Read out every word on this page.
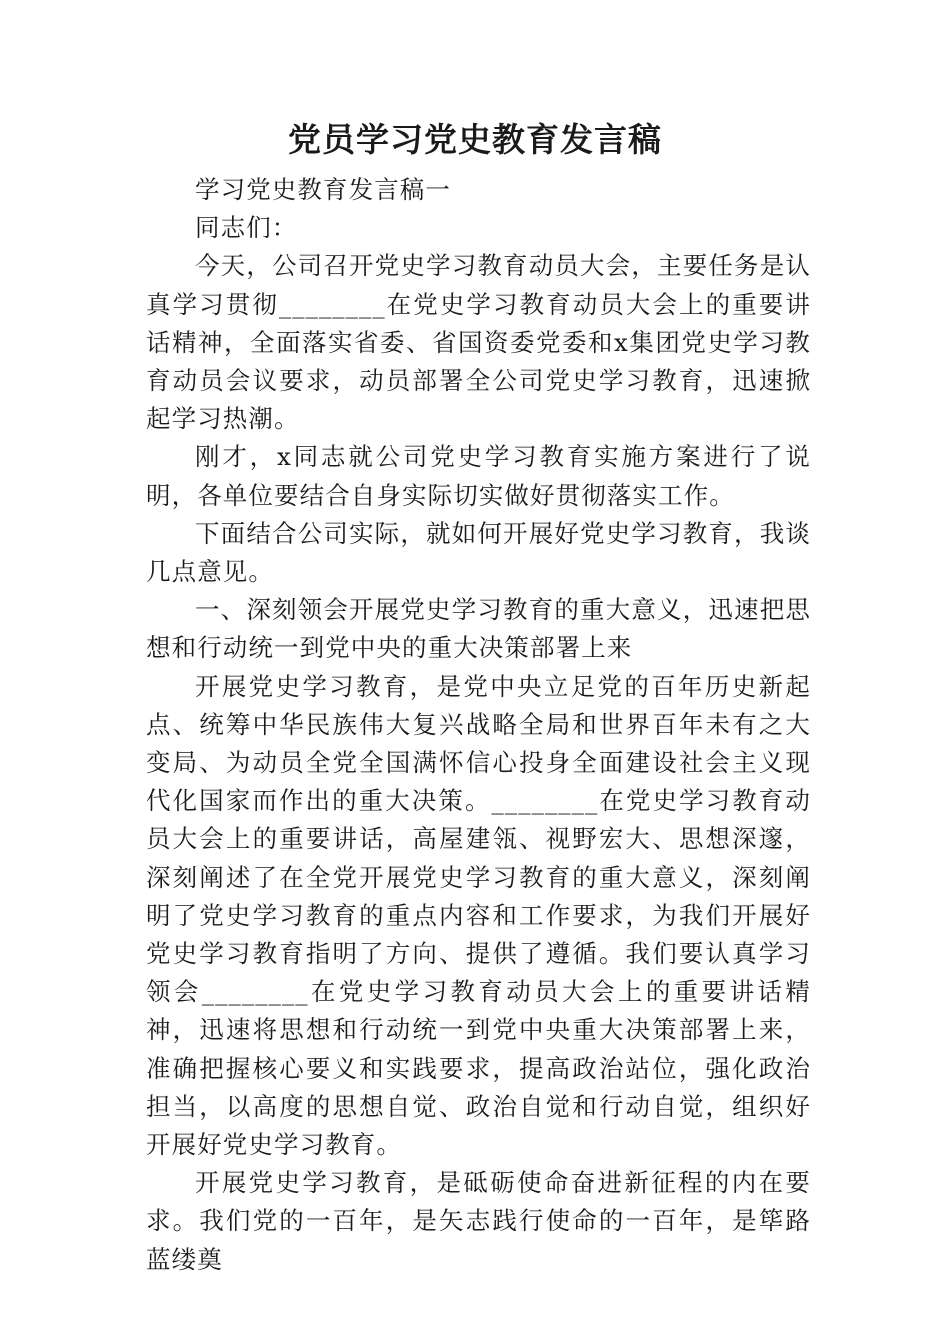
党员学习党史教育发言稿

学习党史教育发言稿一

同志们：

今天，公司召开党史学习教育动员大会，主要任务是认真学习贯彻________在党史学习教育动员大会上的重要讲话精神，全面落实省委、省国资委党委和x集团党史学习教育动员会议要求，动员部署全公司党史学习教育，迅速掀起学习热潮。

刚才，x同志就公司党史学习教育实施方案进行了说明，各单位要结合自身实际切实做好贯彻落实工作。

下面结合公司实际，就如何开展好党史学习教育，我谈几点意见。

一、深刻领会开展党史学习教育的重大意义，迅速把思想和行动统一到党中央的重大决策部署上来

开展党史学习教育，是党中央立足党的百年历史新起点、统筹中华民族伟大复兴战略全局和世界百年未有之大变局、为动员全党全国满怀信心投身全面建设社会主义现代化国家而作出的重大决策。________在党史学习教育动员大会上的重要讲话，高屋建瓴、视野宏大、思想深邃，深刻阐述了在全党开展党史学习教育的重大意义，深刻阐明了党史学习教育的重点内容和工作要求，为我们开展好党史学习教育指明了方向、提供了遵循。我们要认真学习领会________在党史学习教育动员大会上的重要讲话精神，迅速将思想和行动统一到党中央重大决策部署上来，准确把握核心要义和实践要求，提高政治站位，强化政治担当，以高度的思想自觉、政治自觉和行动自觉，组织好开展好党史学习教育。

开展党史学习教育，是砥砺使命奋进新征程的内在要求。我们党的一百年，是矢志践行使命的一百年，是筚路蓝缕奠
